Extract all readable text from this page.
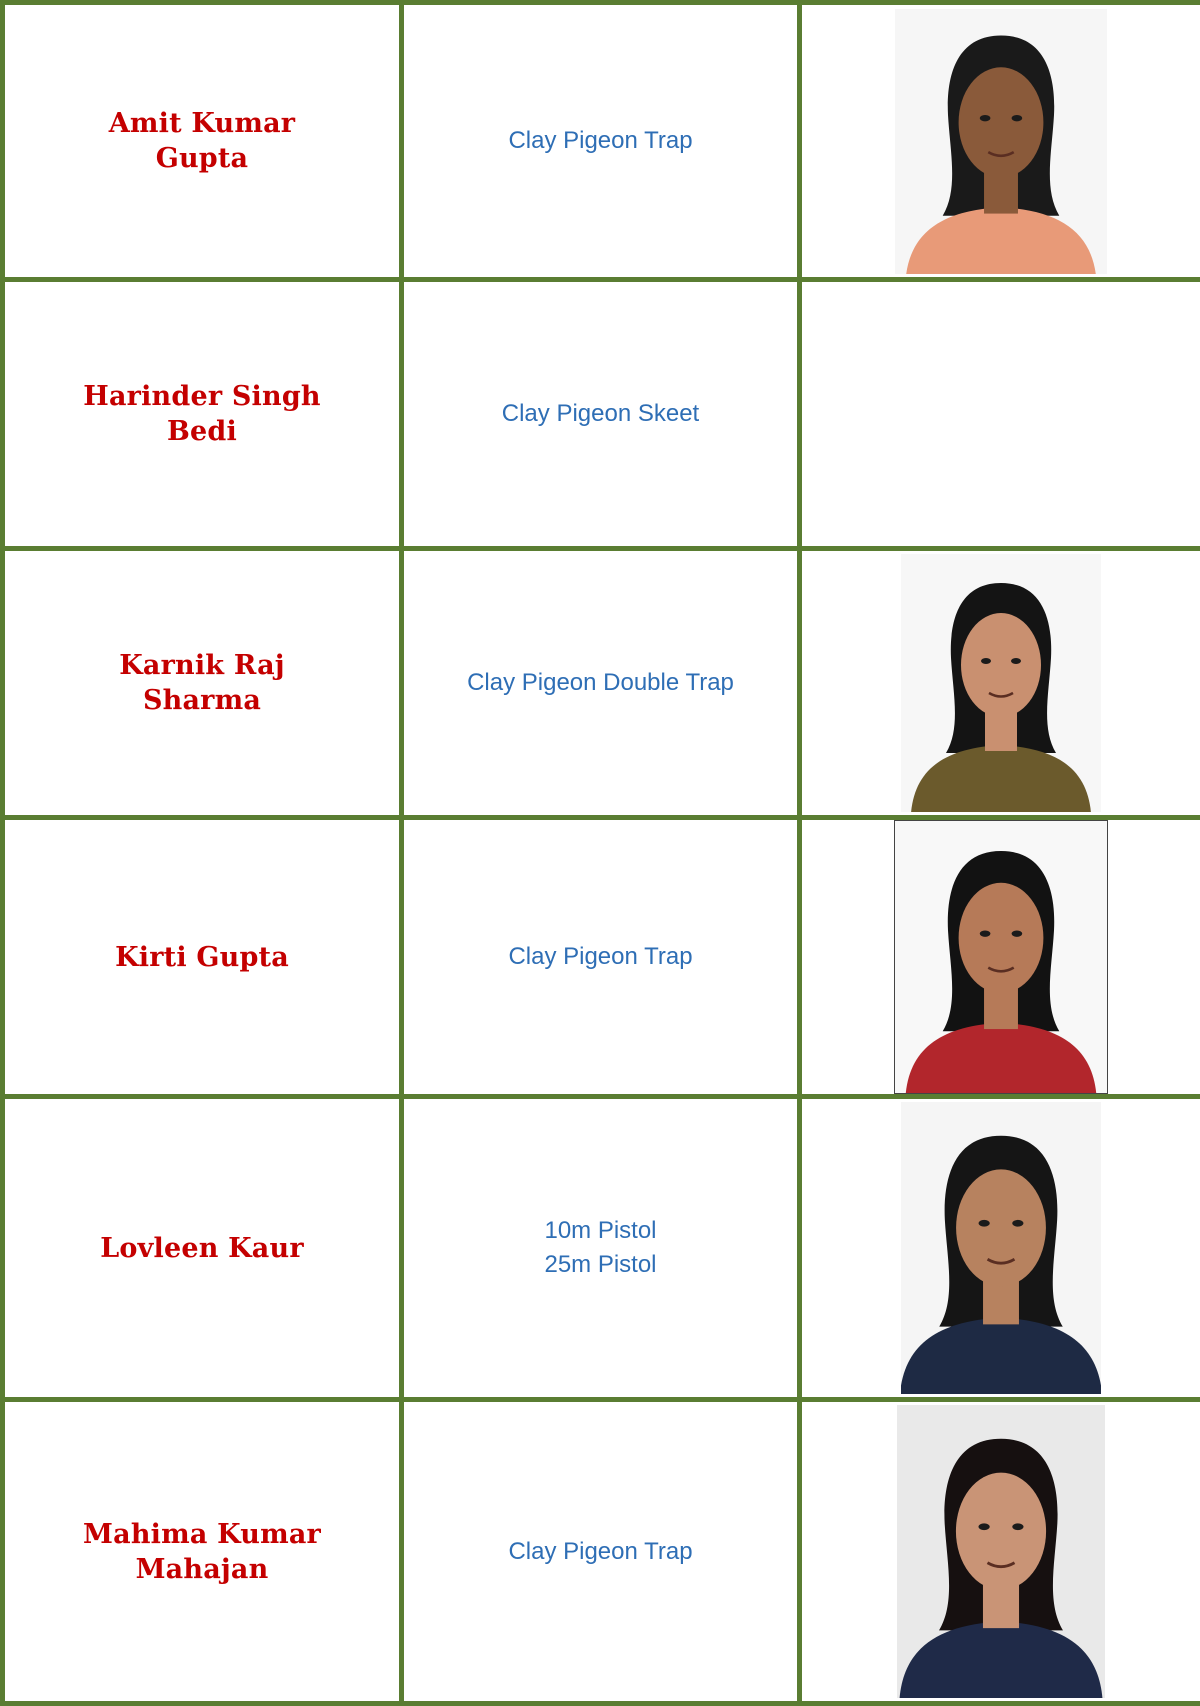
Amit Kumar Gupta	Clay Pigeon Trap

Harinder Singh Bedi	Clay Pigeon Skeet	

Karnik Raj Sharma	Clay Pigeon Double Trap

Kirti Gupta	Clay Pigeon Trap

Lovleen Kaur	10m Pistol
25m Pistol

Mahima Kumar Mahajan	Clay Pigeon Trap
